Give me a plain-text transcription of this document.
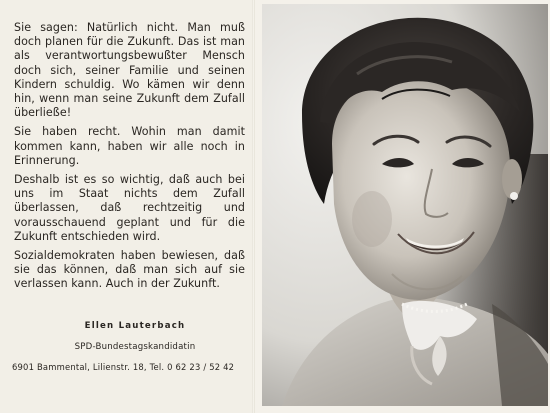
Sie sagen: Natürlich nicht. Man muß doch planen für die Zukunft. Das ist man als verantwortungsbewußter Mensch doch sich, seiner Familie und seinen Kindern schuldig. Wo kämen wir denn hin, wenn man seine Zukunft dem Zufall überließe!

Sie haben recht. Wohin man damit kommen kann, haben wir alle noch in Erinnerung.

Deshalb ist es so wichtig, daß auch bei uns im Staat nichts dem Zufall überlassen, daß rechtzeitig und vorausschauend geplant und für die Zukunft entschieden wird.

Sozialdemokraten haben bewiesen, daß sie das können, daß man sich auf sie verlassen kann. Auch in der Zukunft.

Ellen Lauterbach
SPD-Bundestagskandidatin
6901 Bammental, Lilienstr. 18, Tel. 0 62 23 / 52 42
